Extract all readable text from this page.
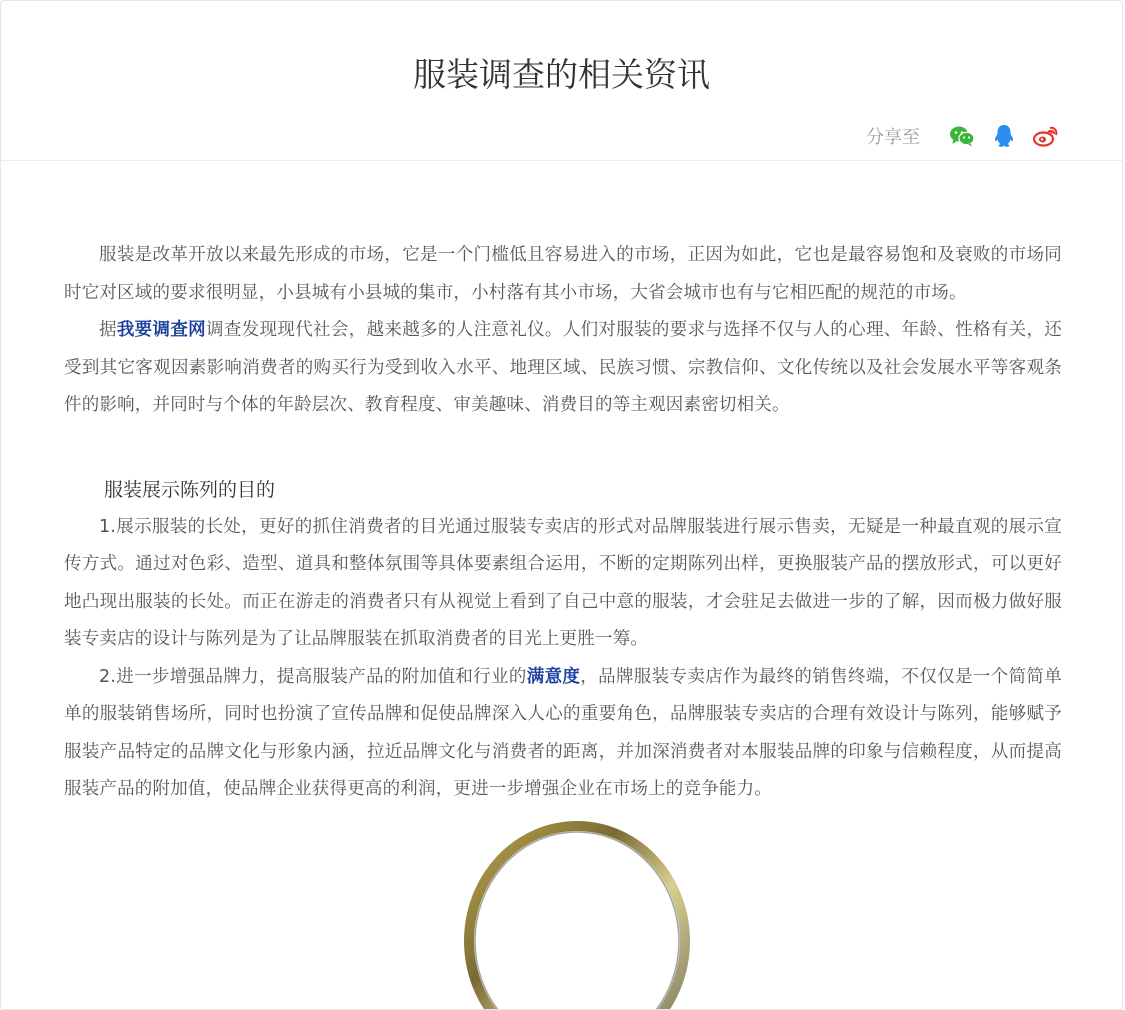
服装调查的相关资讯
分享至

服装是改革开放以来最先形成的市场，它是一个门槛低且容易进入的市场，正因为如此，它也是最容易饱和及衰败的市场同时它对区域的要求很明显，小县城有小县城的集市，小村落有其小市场，大省会城市也有与它相匹配的规范的市场。

据我要调查网调查发现现代社会，越来越多的人注意礼仪。人们对服装的要求与选择不仅与人的心理、年龄、性格有关，还受到其它客观因素影响消费者的购买行为受到收入水平、地理区域、民族习惯、宗教信仰、文化传统以及社会发展水平等客观条件的影响，并同时与个体的年龄层次、教育程度、审美趣味、消费目的等主观因素密切相关。

服装展示陈列的目的

1.展示服装的长处，更好的抓住消费者的目光通过服装专卖店的形式对品牌服装进行展示售卖，无疑是一种最直观的展示宣传方式。通过对色彩、造型、道具和整体氛围等具体要素组合运用，不断的定期陈列出样，更换服装产品的摆放形式，可以更好地凸现出服装的长处。而正在游走的消费者只有从视觉上看到了自己中意的服装，才会驻足去做进一步的了解，因而极力做好服装专卖店的设计与陈列是为了让品牌服装在抓取消费者的目光上更胜一筹。

2.进一步增强品牌力，提高服装产品的附加值和行业的满意度，品牌服装专卖店作为最终的销售终端，不仅仅是一个简简单单的服装销售场所，同时也扮演了宣传品牌和促使品牌深入人心的重要角色，品牌服装专卖店的合理有效设计与陈列，能够赋予服装产品特定的品牌文化与形象内涵，拉近品牌文化与消费者的距离，并加深消费者对本服装品牌的印象与信赖程度，从而提高服装产品的附加值，使品牌企业获得更高的利润，更进一步增强企业在市场上的竞争能力。
